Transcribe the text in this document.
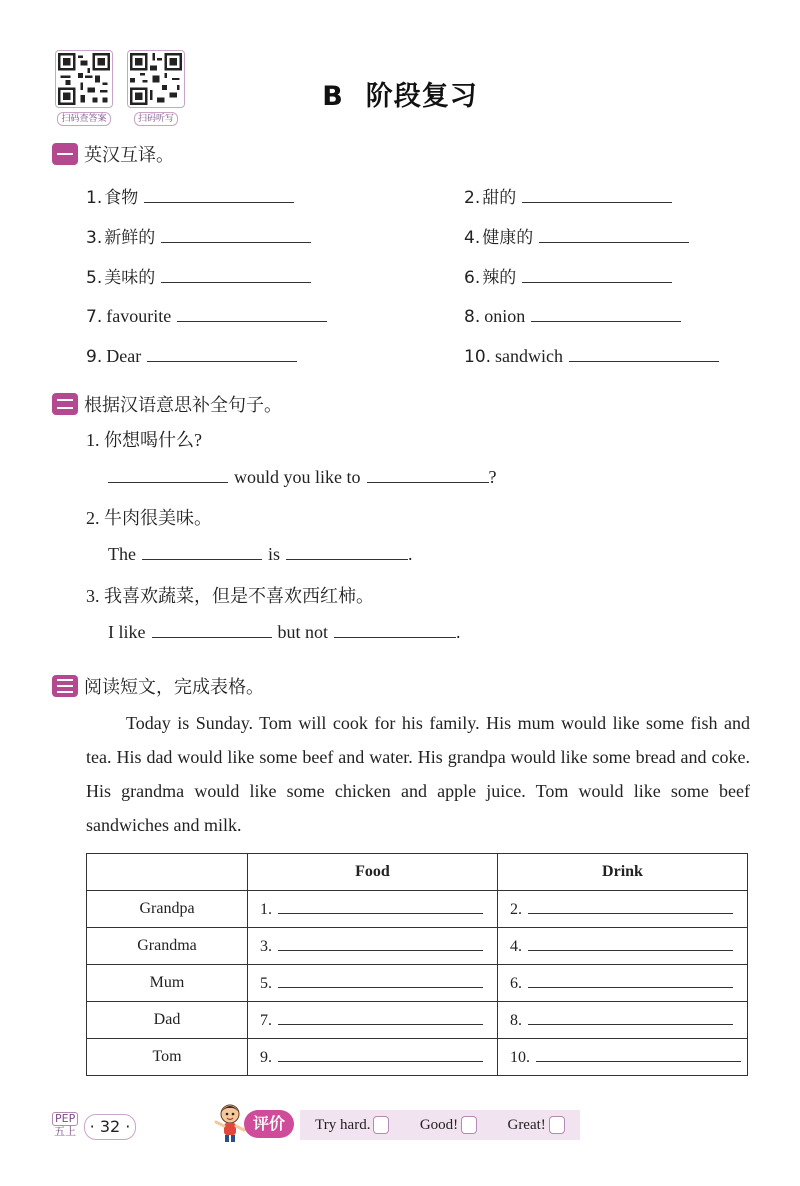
扫码查答案	扫码听写
B 阶段复习
英汉互译。
1. 食物	2. 甜的
3. 新鲜的	4. 健康的
5. 美味的	6. 辣的
7. favourite	8. onion
9. Dear	10. sandwich
根据汉语意思补全句子。
1. 你想喝什么?
would you like to	?
2. 牛肉很美味。
The	is	.
3. 我喜欢蔬菜，但是不喜欢西红柿。
I like	but not	.
阅读短文，完成表格。

Today is Sunday. Tom will cook for his family. His mum would like some fish and tea. His dad would like some beef and water. His grandpa would like some bread and coke. His grandma would like some chicken and apple juice. Tom would like some beef sandwiches and milk.

	Food	Drink
Grandpa	1.	2.
Grandma	3.	4.
Mum	5.	6.
Dad	7.	8.
Tom	9.	10.
PEP
五上 · 32 ·	评价	Try hard.	Good!	Great!
